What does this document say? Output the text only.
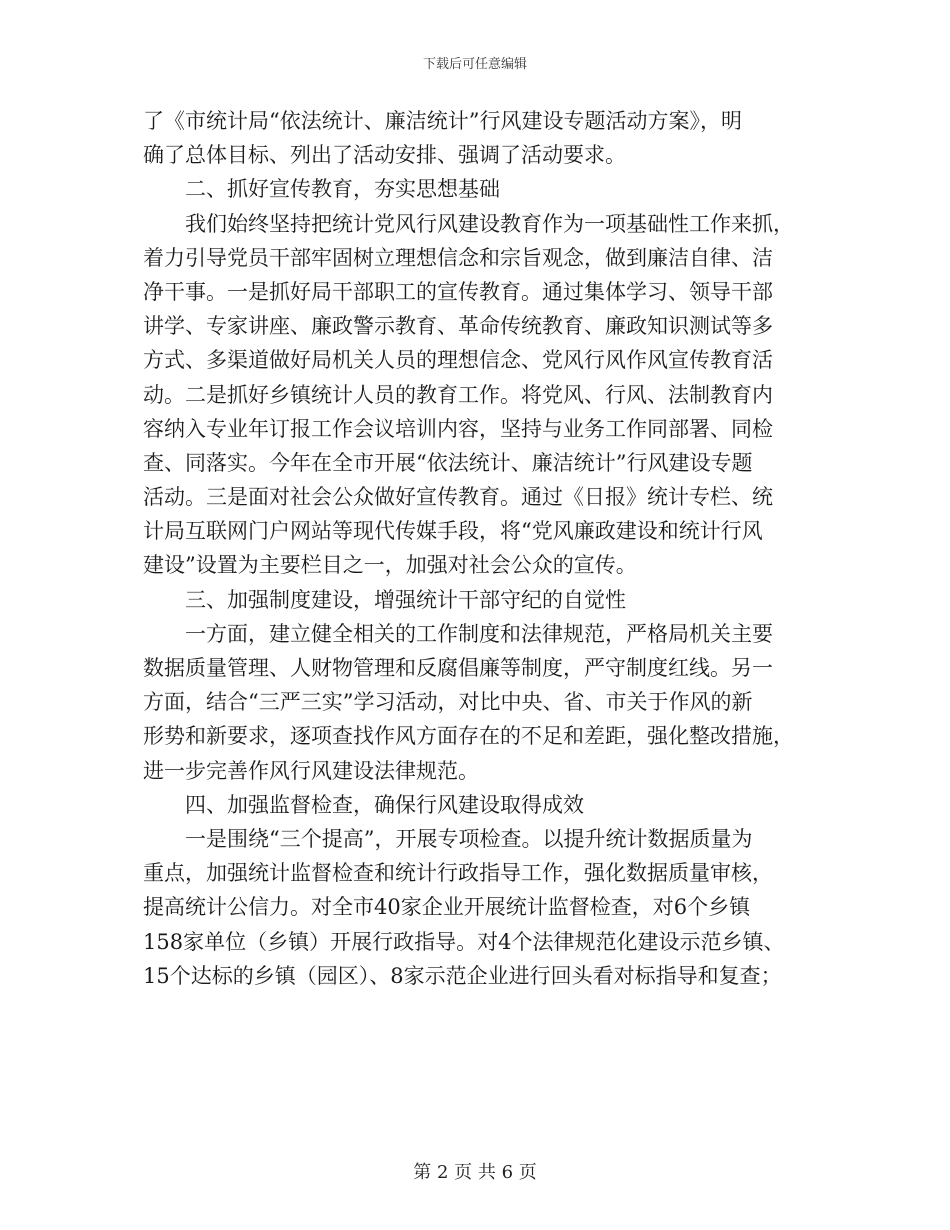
下载后可任意编辑
了《市统计局“依法统计、廉洁统计”行风建设专题活动方案》，明
确了总体目标、列出了活动安排、强调了活动要求。
二、抓好宣传教育，夯实思想基础
我们始终坚持把统计党风行风建设教育作为一项基础性工作来抓，
着力引导党员干部牢固树立理想信念和宗旨观念，做到廉洁自律、洁
净干事。一是抓好局干部职工的宣传教育。通过集体学习、领导干部
讲学、专家讲座、廉政警示教育、革命传统教育、廉政知识测试等多
方式、多渠道做好局机关人员的理想信念、党风行风作风宣传教育活
动。二是抓好乡镇统计人员的教育工作。将党风、行风、法制教育内
容纳入专业年订报工作会议培训内容，坚持与业务工作同部署、同检
查、同落实。今年在全市开展“依法统计、廉洁统计”行风建设专题
活动。三是面对社会公众做好宣传教育。通过《日报》统计专栏、统
计局互联网门户网站等现代传媒手段，将“党风廉政建设和统计行风
建设”设置为主要栏目之一，加强对社会公众的宣传。
三、加强制度建设，增强统计干部守纪的自觉性
一方面，建立健全相关的工作制度和法律规范，严格局机关主要
数据质量管理、人财物管理和反腐倡廉等制度，严守制度红线。另一
方面，结合“三严三实”学习活动，对比中央、省、市关于作风的新
形势和新要求，逐项查找作风方面存在的不足和差距，强化整改措施，
进一步完善作风行风建设法律规范。
四、加强监督检查，确保行风建设取得成效
一是围绕“三个提高”，开展专项检查。以提升统计数据质量为
重点，加强统计监督检查和统计行政指导工作，强化数据质量审核，
提高统计公信力。对全市40家企业开展统计监督检查，对6个乡镇
158家单位（乡镇）开展行政指导。对4个法律规范化建设示范乡镇、
15个达标的乡镇（园区）、8家示范企业进行回头看对标指导和复查；
第 2 页 共 6 页
